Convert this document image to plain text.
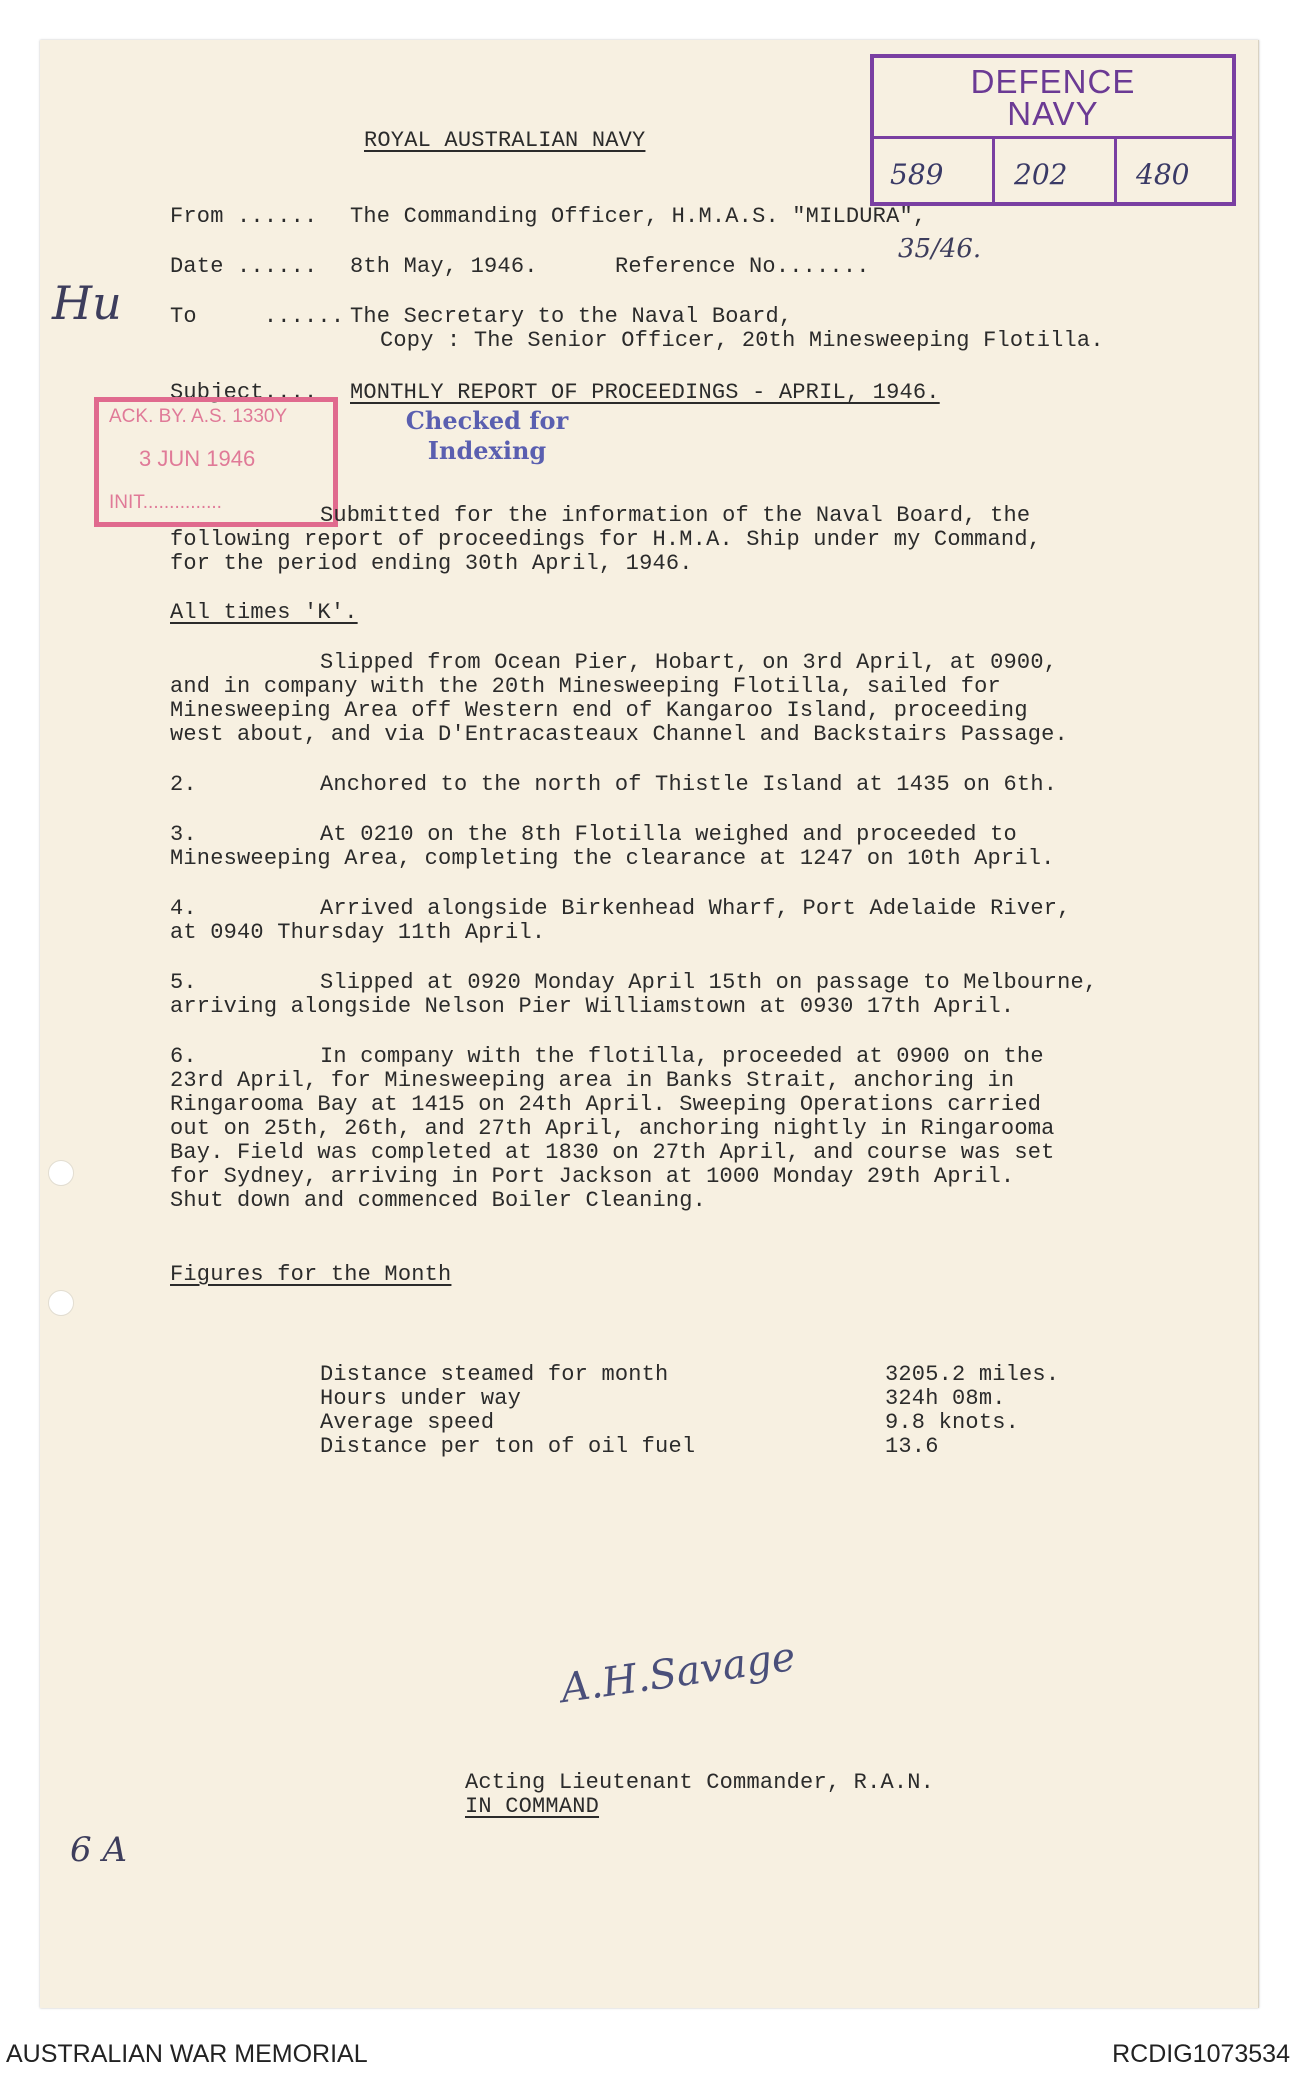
DEFENCE
NAVY
589	202 480
ROYAL AUSTRALIAN NAVY
From ...... The Commanding Officer, H.M.A.S. "MILDURA",
Date ...... 8th May, 1946.	Reference No.......
35/46.
To     ...... The Secretary to the Naval Board,
Copy : The Senior Officer, 20th Minesweeping Flotilla.
Subject.... MONTHLY REPORT OF PROCEEDINGS - APRIL, 1946.
Hu
ACK. BY. A.S. 1330Y
3 JUN 1946
INIT...............
Checked for
Indexing
Submitted for the information of the Naval Board, the
following report of proceedings for H.M.A. Ship under my Command,
for the period ending 30th April, 1946.
All times 'K'.
Slipped from Ocean Pier, Hobart, on 3rd April, at 0900,
and in company with the 20th Minesweeping Flotilla, sailed for
Minesweeping Area off Western end of Kangaroo Island, proceeding
west about, and via D'Entracasteaux Channel and Backstairs Passage.
2.	Anchored to the north of Thistle Island at 1435 on 6th.
3.	At 0210 on the 8th Flotilla weighed and proceeded to
Minesweeping Area, completing the clearance at 1247 on 10th April.
4.	Arrived alongside Birkenhead Wharf, Port Adelaide River,
at 0940 Thursday 11th April.
5.	Slipped at 0920 Monday April 15th on passage to Melbourne,
arriving alongside Nelson Pier Williamstown at 0930 17th April.
6.	In company with the flotilla, proceeded at 0900 on the
23rd April, for Minesweeping area in Banks Strait, anchoring in
Ringarooma Bay at 1415 on 24th April. Sweeping Operations carried
out on 25th, 26th, and 27th April, anchoring nightly in Ringarooma
Bay. Field was completed at 1830 on 27th April, and course was set
for Sydney, arriving in Port Jackson at 1000 Monday 29th April.
Shut down and commenced Boiler Cleaning.
Figures for the Month
Distance steamed for month	3205.2 miles.
Hours under way	324h 08m.
Average speed	9.8 knots.
Distance per ton of oil fuel	13.6
A.H.Savage
Acting Lieutenant Commander, R.A.N.
IN COMMAND
6 A
AUSTRALIAN WAR MEMORIAL	RCDIG1073534
